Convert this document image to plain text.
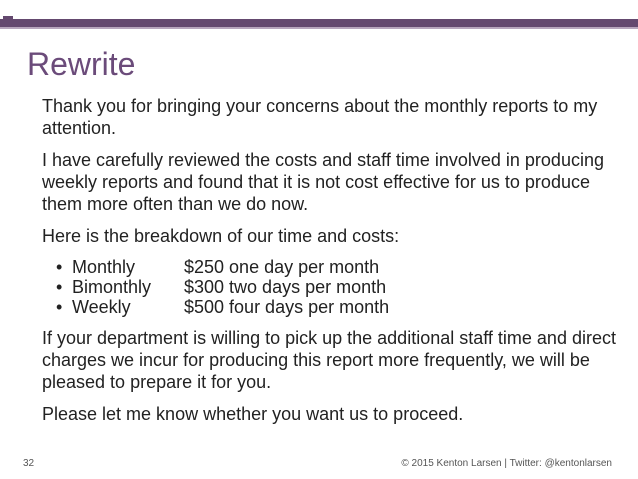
Rewrite

Thank you for bringing your concerns about the monthly reports to my attention.

I have carefully reviewed the costs and staff time involved in producing weekly reports and found that it is not cost effective for us to produce them more often than we do now.

Here is the breakdown of our time and costs:

• Monthly	$250 one day per month
• Bimonthly	$300 two days per month
• Weekly	$500 four days per month

If your department is willing to pick up the additional staff time and direct charges we incur for producing this report more frequently, we will be pleased to prepare it for you.

Please let me know whether you want us to proceed.

32	© 2015 Kenton Larsen | Twitter: @kentonlarsen
